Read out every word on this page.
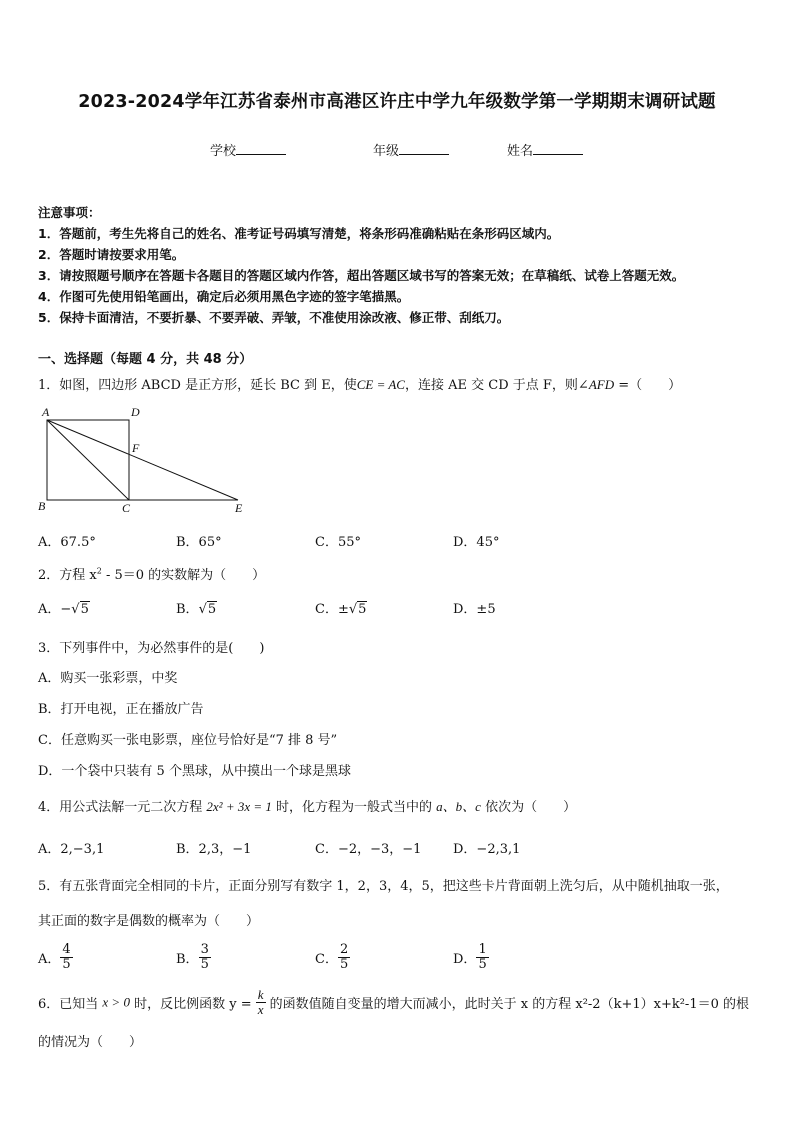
2023-2024学年江苏省泰州市高港区许庄中学九年级数学第一学期期末调研试题
学校	年级	姓名
注意事项：
1．答题前，考生先将自己的姓名、准考证号码填写清楚，将条形码准确粘贴在条形码区域内。
2．答题时请按要求用笔。
3．请按照题号顺序在答题卡各题目的答题区域内作答，超出答题区域书写的答案无效；在草稿纸、试卷上答题无效。
4．作图可先使用铅笔画出，确定后必须用黑色字迹的签字笔描黑。
5．保持卡面清洁，不要折暴、不要弄破、弄皱，不准使用涂改液、修正带、刮纸刀。
一、选择题（每题 4 分，共 48 分）
1．如图，四边形 ABCD 是正方形，延长 BC 到 E，使CE = AC，连接 AE 交 CD 于点 F，则∠AFD =（　　）
A	D
F
B	C	E
A．67.5°	B．65°	C．55°	D．45°
2．方程 $x^2 - 5=0$ 的实数解为（　　）
A．−√5	B．√5	C．±√5	D．±5
3．下列事件中，为必然事件的是(　　)
A．购买一张彩票，中奖
B．打开电视，正在播放广告
C．任意购买一张电影票，座位号恰好是“7 排 8 号”
D．一个袋中只装有 5 个黑球，从中摸出一个球是黑球
4．用公式法解一元二次方程 2x² + 3x = 1 时，化方程为一般式当中的 a、b、c 依次为（　　）
A．2,−3,1	B．2,3，−1	C．−2，−3，−1 D．−2,3,1
5．有五张背面完全相同的卡片，正面分别写有数字 1，2，3，4，5，把这些卡片背面朝上洗匀后，从中随机抽取一张，
其正面的数字是偶数的概率为（　　）
A． $\frac{4}{5}$	B． $\frac{3}{5}$	C． $\frac{2}{5}$	D． $\frac{1}{5}$
6．已知当 x > 0 时，反比例函数 $y = \frac{k}{x}$ 的函数值随自变量的增大而减小，此时关于 x 的方程 x²-2（k+1）x+k²-1＝0 的根
的情况为（　　）
